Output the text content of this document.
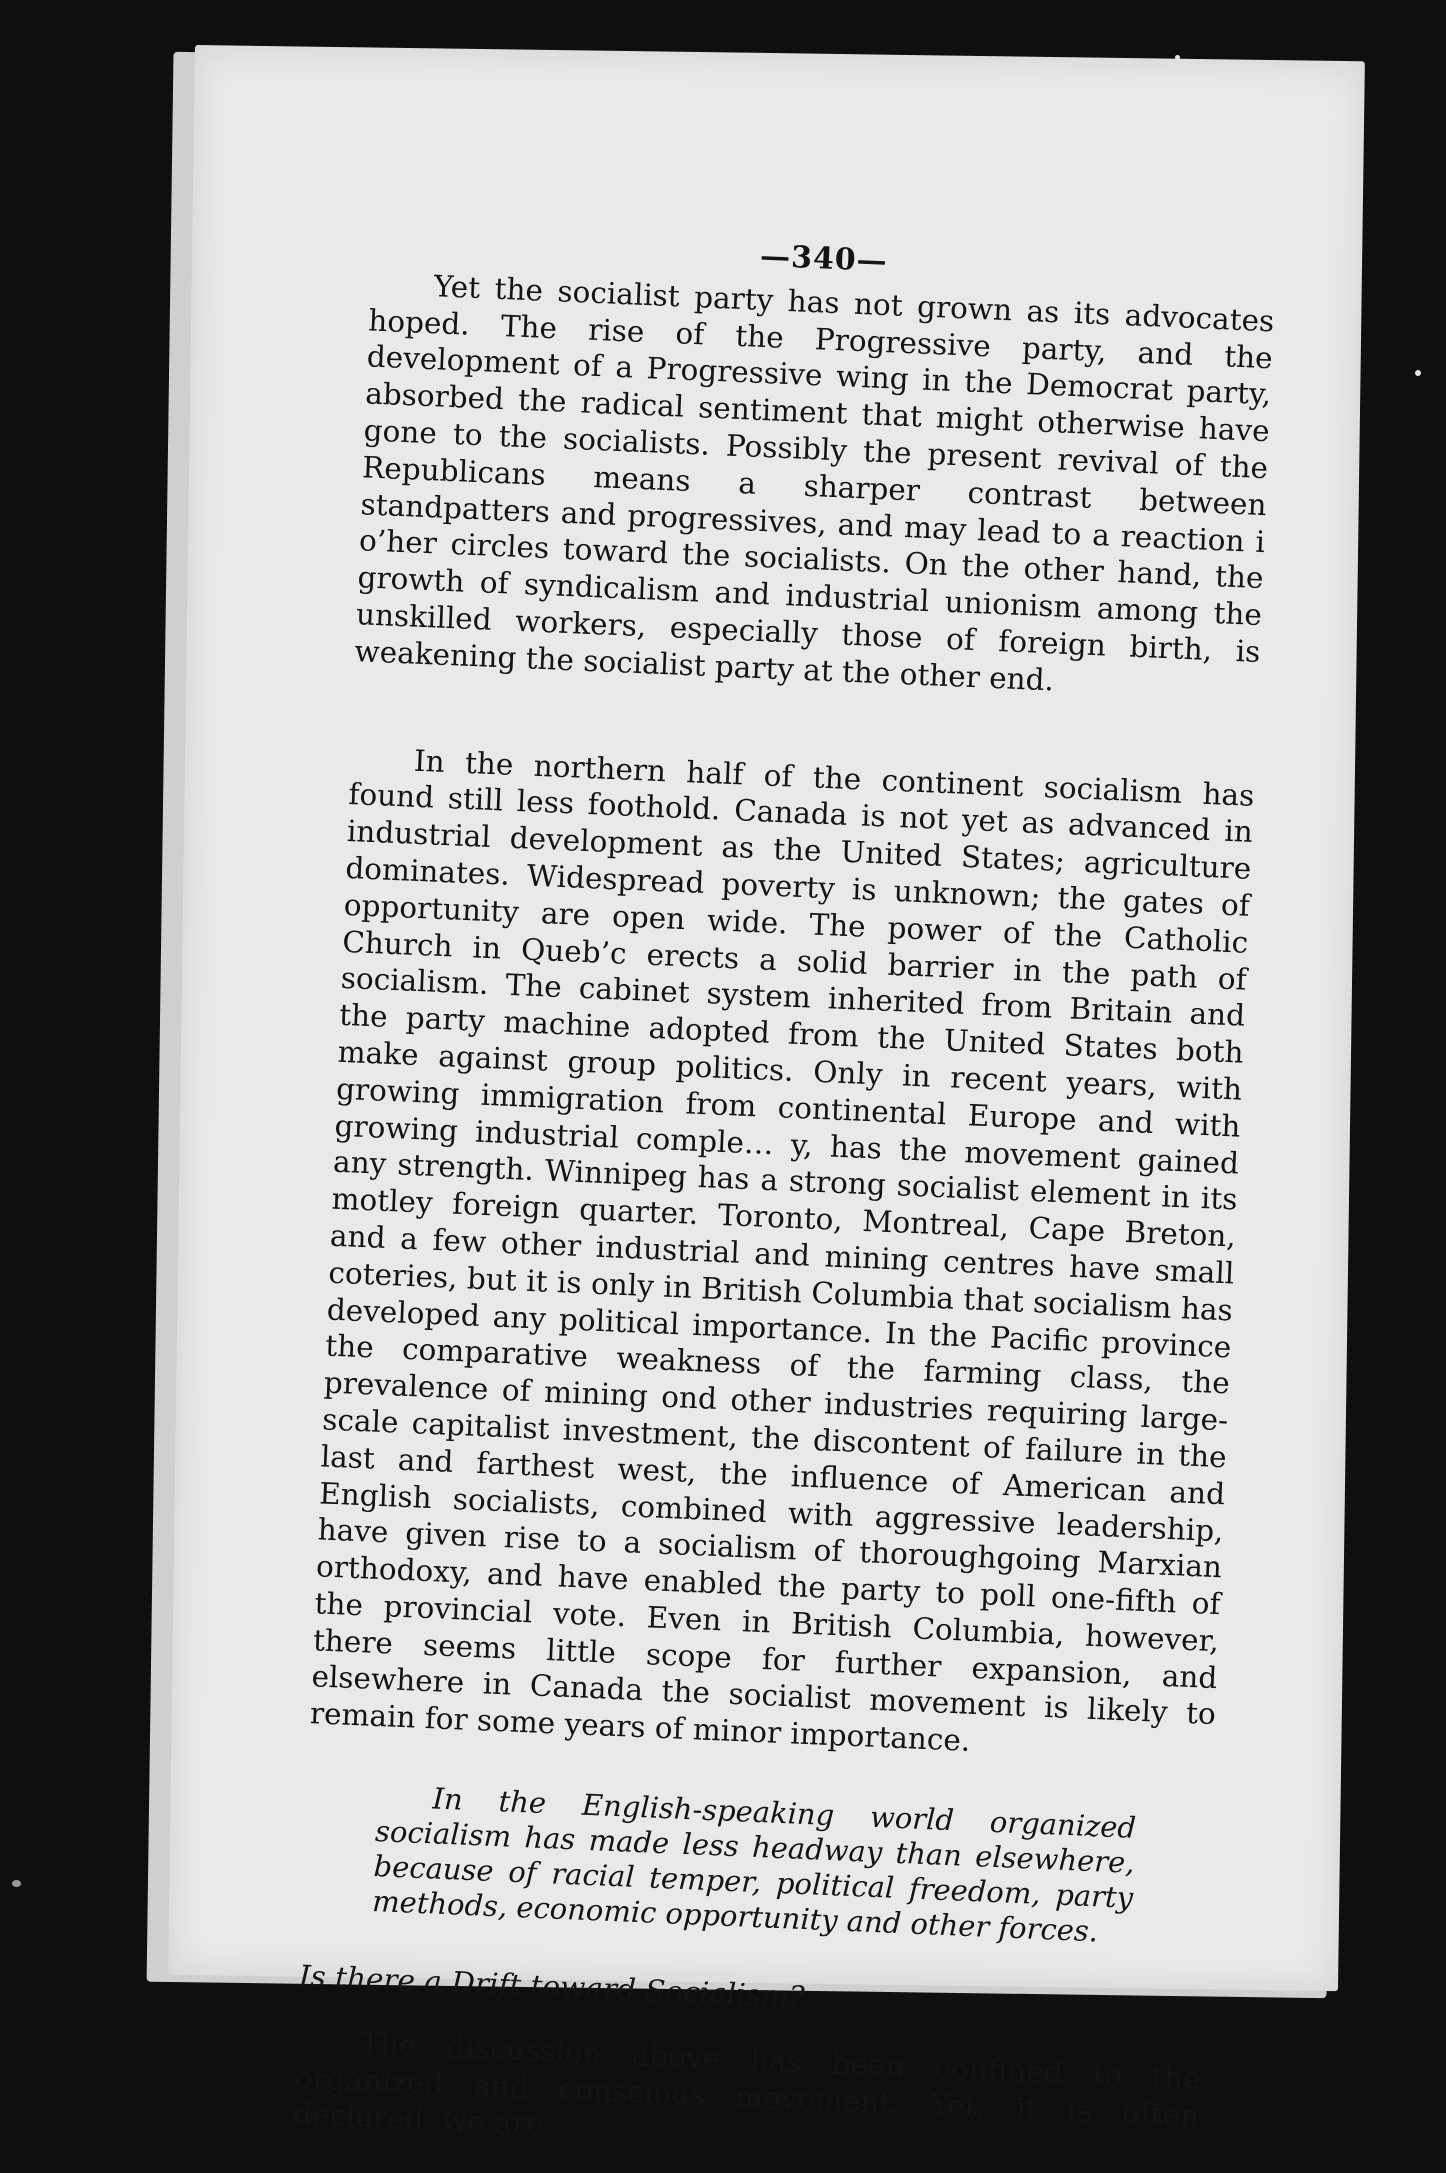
—340—

Yet the socialist party has not grown as its advocates hoped. The rise of the Progressive party, and the development of a Progressive wing in the Democrat party, absorbed the radical sentiment that might otherwise have gone to the socialists. Possibly the present revival of the Republicans means a sharper contrast between standpatters and progressives, and may lead to a reaction i o’her circles toward the socialists. On the other hand, the growth of syndicalism and industrial unionism among the unskilled workers, especially those of foreign birth, is weakening the socialist party at the other end.

In the northern half of the continent socialism has found still less foothold. Canada is not yet as advanced in industrial development as the United States; agriculture dominates. Widespread poverty is unknown; the gates of opportunity are open wide. The power of the Catholic Church in Queb’c erects a solid barrier in the path of socialism. The cabinet system inherited from Britain and the party machine adopted from the United States both make against group politics. Only in recent years, with growing immigration from continental Europe and with growing industrial comple… y, has the movement gained any strength. Winnipeg has a strong socialist element in its motley foreign quarter. Toronto, Montreal, Cape Breton, and a few other industrial and mining centres have small coteries, but it is only in British Columbia that socialism has developed any political importance. In the Pacific province the comparative weakness of the farming class, the prevalence of mining ond other industries requiring large-scale capitalist investment, the discontent of failure in the last and farthest west, the influence of American and English socialists, combined with aggressive leadership, have given rise to a socialism of thoroughgoing Marxian orthodoxy, and have enabled the party to poll one-fifth of the provincial vote. Even in British Columbia, however, there seems little scope for further expansion, and elsewhere in Canada the socialist movement is likely to remain for some years of minor importance.

In the English-speaking world organized socialism has made less headway than elsewhere, because of racial temper, political freedom, party methods, economic opportunity and other forces.

Is there a Drift toward Socialism?

The discussion above has been confined to the organized and conscious movement. Yet, it is often declared, we are
